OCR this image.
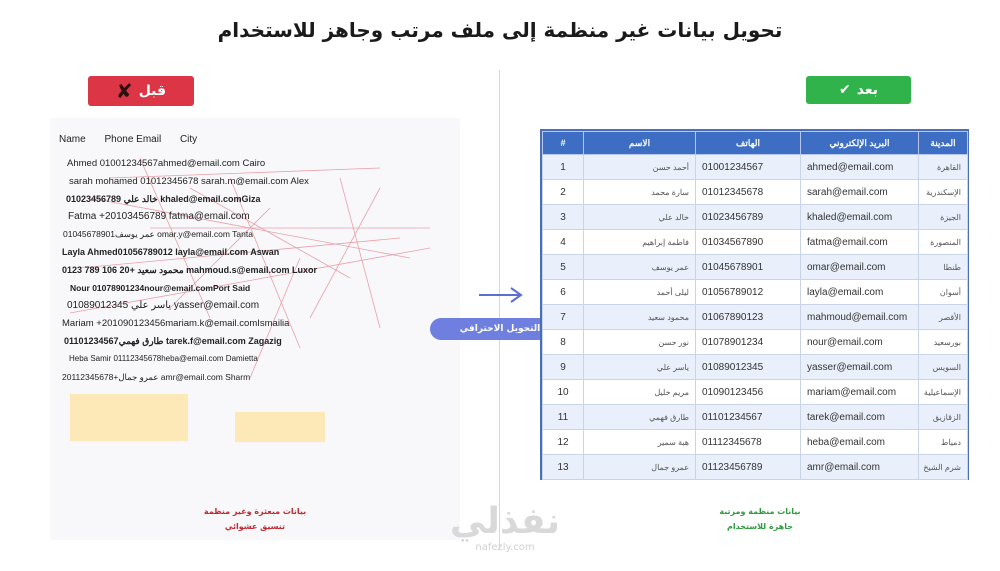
تحويل بيانات غير منظمة إلى ملف مرتب وجاهز للاستخدام
✘ قبل
Name Phone Email City
Ahmed 01001234567ahmed@email.com Cairo
sarah mohamed 01012345678 sarah.m@email.com Alex
01023456789 خالد علي khaled@email.comGiza
Fatma +20103456789 fatma@email.com
01045678901عمر يوسف omar.y@email.com Tanta
Layla Ahmed01056789012 layla@email.com Aswan
0123 789 106 20+ محمود سعيد mahmoud.s@email.com Luxor
Nour 01078901234nour@email.comPort Said
01089012345 ياسر علي yasser@email.com
Mariam +201090123456mariam.k@email.comIsmailia
01101234567طارق فهمي tarek.f@email.com Zagazig
Heba Samir 01112345678heba@email.com Damietta
20112345678+عمرو جمال amr@email.com Sharm
بيانات مبعثرة وغير منظمة
تنسيق عشوائي
التحويل الاحترافي
✔ بعد
#	الاسم	الهاتف	البريد الإلكتروني	المدينة
1	أحمد حسن	01001234567	ahmed@email.com	القاهرة
2	سارة محمد	01012345678	sarah@email.com	الإسكندرية
3	خالد علي	01023456789	khaled@email.com	الجيزة
4	فاطمة إبراهيم	01034567890	fatma@email.com	المنصورة
5	عمر يوسف	01045678901	omar@email.com	طنطا
6	ليلى أحمد	01056789012	layla@email.com	أسوان
7	محمود سعيد	01067890123	mahmoud@email.com	الأقصر
8	نور حسن	01078901234	nour@email.com	بورسعيد
9	ياسر علي	01089012345	yasser@email.com	السويس
10	مريم خليل	01090123456	mariam@email.com	الإسماعيلية
11	طارق فهمي	01101234567	tarek@email.com	الزقازيق
12	هبة سمير	01112345678	heba@email.com	دمياط
13	عمرو جمال	01123456789	amr@email.com	شرم الشيخ
بيانات منظمة ومرتبة
جاهزة للاستخدام
نفذلي
nafezly.com
